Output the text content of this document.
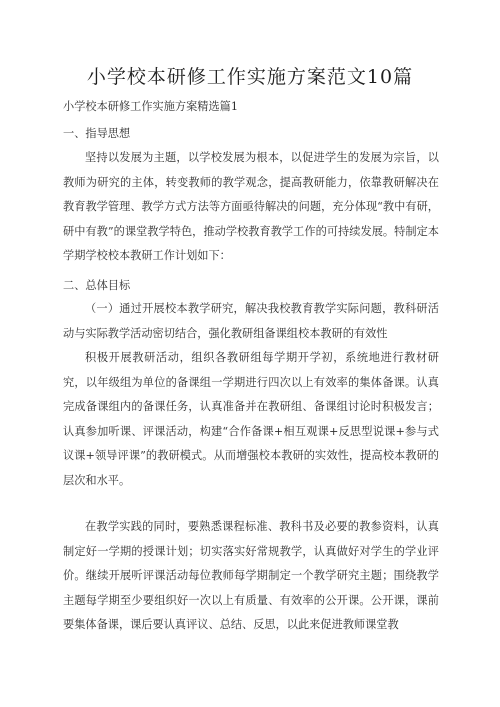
小学校本研修工作实施方案范文10篇
小学校本研修工作实施方案精选篇1
一、指导思想

坚持以发展为主题，以学校发展为根本，以促进学生的发展为宗旨，以教师为研究的主体，转变教师的教学观念，提高教研能力，依靠教研解决在教育教学管理、教学方式方法等方面亟待解决的问题，充分体现“教中有研，研中有教”的课堂教学特色，推动学校教育教学工作的可持续发展。特制定本学期学校校本教研工作计划如下：

二、总体目标

（一）通过开展校本教学研究，解决我校教育教学实际问题，教科研活动与实际教学活动密切结合，强化教研组备课组校本教研的有效性

积极开展教研活动，组织各教研组每学期开学初，系统地进行教材研究，以年级组为单位的备课组一学期进行四次以上有效率的集体备课。认真完成备课组内的备课任务，认真准备并在教研组、备课组讨论时积极发言；认真参加听课、评课活动，构建“合作备课+相互观课+反思型说课+参与式议课+领导评课”的教研模式。从而增强校本教研的实效性，提高校本教研的层次和水平。

在教学实践的同时，要熟悉课程标准、教科书及必要的教参资料，认真制定好一学期的授课计划；切实落实好常规教学，认真做好对学生的学业评价。继续开展听评课活动每位教师每学期制定一个教学研究主题；围绕教学主题每学期至少要组织好一次以上有质量、有效率的公开课。公开课，课前要集体备课，课后要认真评议、总结、反思，以此来促进教师课堂教
